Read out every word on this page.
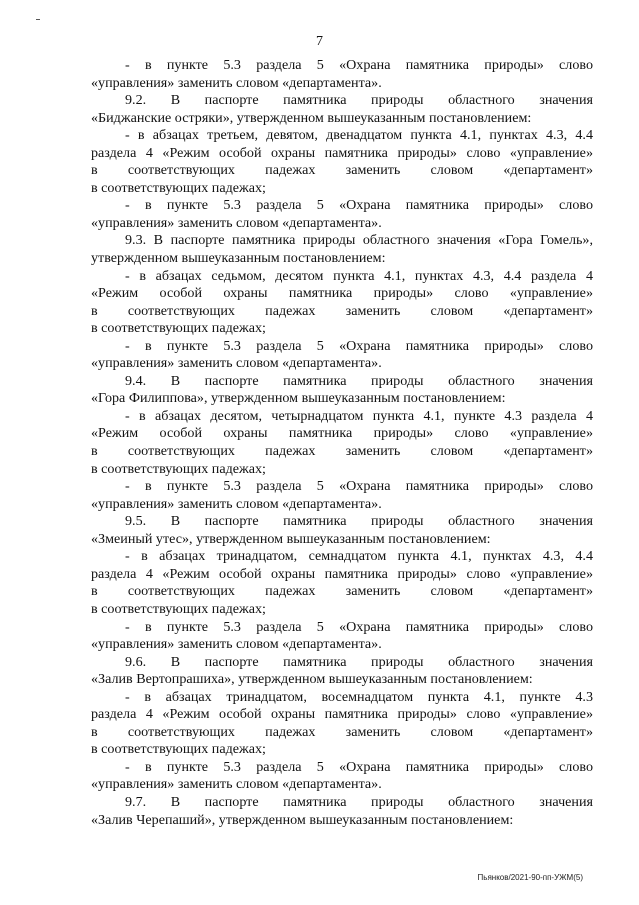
7
- в пункте 5.3 раздела 5 «Охрана памятника природы» слово
«управления» заменить словом «департамента».
9.2. В паспорте памятника природы областного значения
«Биджанские остряки», утвержденном вышеуказанным постановлением:
- в абзацах третьем, девятом, двенадцатом пункта 4.1, пунктах 4.3, 4.4
раздела 4 «Режим особой охраны памятника природы» слово «управление»
в соответствующих падежах заменить словом «департамент»
в соответствующих падежах;
- в пункте 5.3 раздела 5 «Охрана памятника природы» слово
«управления» заменить словом «департамента».
9.3. В паспорте памятника природы областного значения «Гора Гомель»,
утвержденном вышеуказанным постановлением:
- в абзацах седьмом, десятом пункта 4.1, пунктах 4.3, 4.4 раздела 4
«Режим особой охраны памятника природы» слово «управление»
в соответствующих падежах заменить словом «департамент»
в соответствующих падежах;
- в пункте 5.3 раздела 5 «Охрана памятника природы» слово
«управления» заменить словом «департамента».
9.4. В паспорте памятника природы областного значения
«Гора Филиппова», утвержденном вышеуказанным постановлением:
- в абзацах десятом, четырнадцатом пункта 4.1, пункте 4.3 раздела 4
«Режим особой охраны памятника природы» слово «управление»
в соответствующих падежах заменить словом «департамент»
в соответствующих падежах;
- в пункте 5.3 раздела 5 «Охрана памятника природы» слово
«управления» заменить словом «департамента».
9.5. В паспорте памятника природы областного значения
«Змеиный утес», утвержденном вышеуказанным постановлением:
- в абзацах тринадцатом, семнадцатом пункта 4.1, пунктах 4.3, 4.4
раздела 4 «Режим особой охраны памятника природы» слово «управление»
в соответствующих падежах заменить словом «департамент»
в соответствующих падежах;
- в пункте 5.3 раздела 5 «Охрана памятника природы» слово
«управления» заменить словом «департамента».
9.6. В паспорте памятника природы областного значения
«Залив Вертопрашиха», утвержденном вышеуказанным постановлением:
- в абзацах тринадцатом, восемнадцатом пункта 4.1, пункте 4.3
раздела 4 «Режим особой охраны памятника природы» слово «управление»
в соответствующих падежах заменить словом «департамент»
в соответствующих падежах;
- в пункте 5.3 раздела 5 «Охрана памятника природы» слово
«управления» заменить словом «департамента».
9.7. В паспорте памятника природы областного значения
«Залив Черепаший», утвержденном вышеуказанным постановлением:
Пьянков/2021-90-пп-УЖМ(5)
